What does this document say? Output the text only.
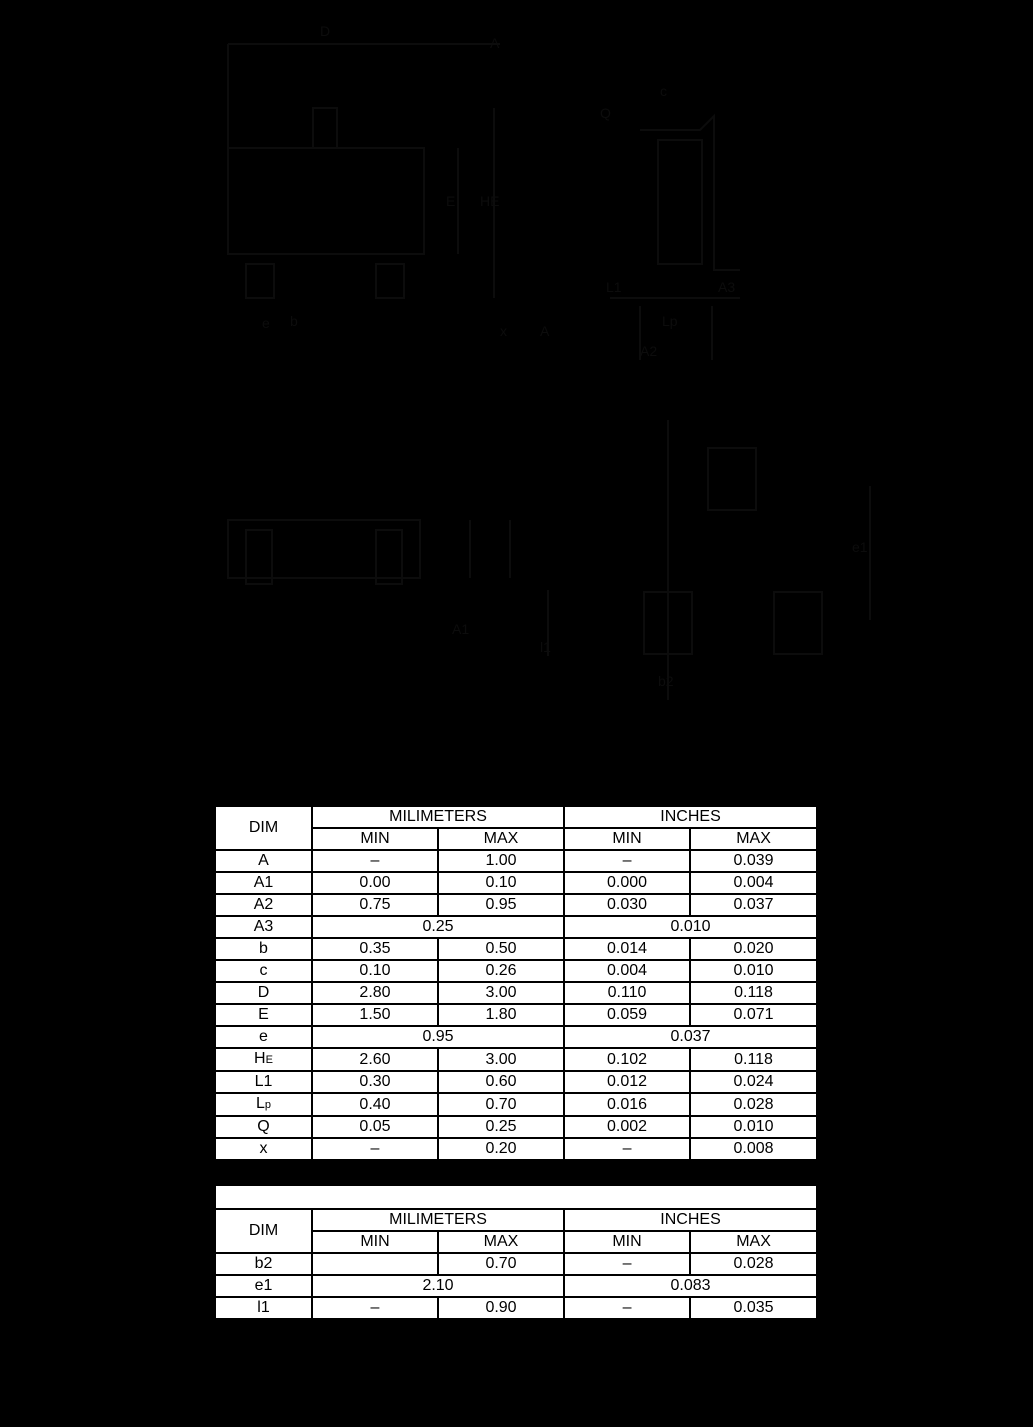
D
A
E HE
e b
x A
Q
c
L1	A3
Lp
A2
A1
b2
e1
l1
DIM	MILIMETERS		INCHES	
	MIN	MAX	MIN	MAX
A	–	1.00	–	0.039
A1	0.00	0.10	0.000	0.004
A2	0.75	0.95	0.030	0.037
A3	0.25		0.010	
b	0.35	0.50	0.014	0.020
c	0.10	0.26	0.004	0.010
D	2.80	3.00	0.110	0.118
E	1.50	1.80	0.059	0.071
e	0.95		0.037	
HE	2.60	3.00	0.102	0.118
L1	0.30	0.60	0.012	0.024
Lp	0.40	0.70	0.016	0.028
Q	0.05	0.25	0.002	0.010
x	–	0.20	–	0.008
DIM	MILIMETERS		INCHES	
	MIN	MAX	MIN	MAX
b2		0.70	–	0.028
e1	2.10		0.083	
l1	–	0.90	–	0.035
